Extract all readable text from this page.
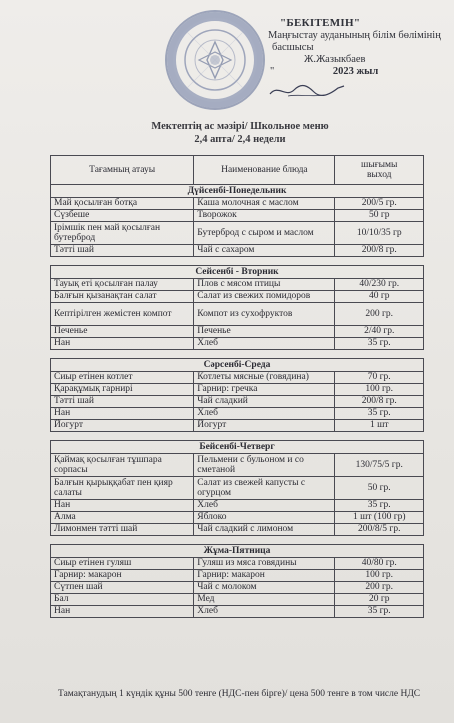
"БЕКІТЕМІН"
Маңғыстау ауданының білім бөлімінің
басшысы
Ж.Жазыкбаев
"	2023 жыл
Мектептің ас мәзірі/ Школьное меню
2,4 апта/ 2,4 недели
Тағамның атауы	Наименование блюда	шығымы
выход

Дүйсенбі-Понедельник		
Май қосылған ботқа	Каша молочная с маслом	200/5 гр.
Сүзбеше	Творожок	50 гр
Ірімшік пен май қосылған бутерброд	Бутерброд с сыром и маслом	10/10/35 гр
Тәтті шай	Чай с сахаром	200/8 гр.

Сейсенбі - Вторник		
Тауық еті қосылған палау	Плов с мясом птицы	40/230 гр.
Балғын қызанақтан салат	Салат из свежих помидоров	40 гр
Кептірілген жемістен компот	Компот из сухофруктов	200 гр.
Печенье	Печенье	2/40 гр.
Нан	Хлеб	35 гр.

Сәрсенбі-Среда		
Сиыр етінен котлет	Котлеты мясные (говядина)	70 гр.
Қарақұмық гарнирі	Гарнир: гречка	100 гр.
Тәтті шай	Чай сладкий	200/8 гр.
Нан	Хлеб	35 гр.
Йогурт	Йогурт	1 шт

Бейсенбі-Четверг		
Қаймақ қосылған тұшпара сорпасы	Пельмени с бульоном и со сметаной	130/75/5 гр.
Балғын қырыққабат пен қияр салаты	Салат из свежей капусты с огурцом	50 гр.
Нан	Хлеб	35 гр.
Алма	Яблоко	1 шт (100 гр)
Лимонмен тәтті шай	Чай сладкий с лимоном	200/8/5 гр.

Жұма-Пятница		
Сиыр етінен гуляш	Гуляш из мяса говядины	40/80 гр.
Гарнир: макарон	Гарнир: макарон	100 гр.
Сүтпен шай	Чай с молоком	200 гр.
Бал	Мед	20 гр
Нан	Хлеб	35 гр.
Тамақтанудың 1 күндік құны 500 тенге (НДС-пен бірге)/ цена 500 тенге в том числе НДС
